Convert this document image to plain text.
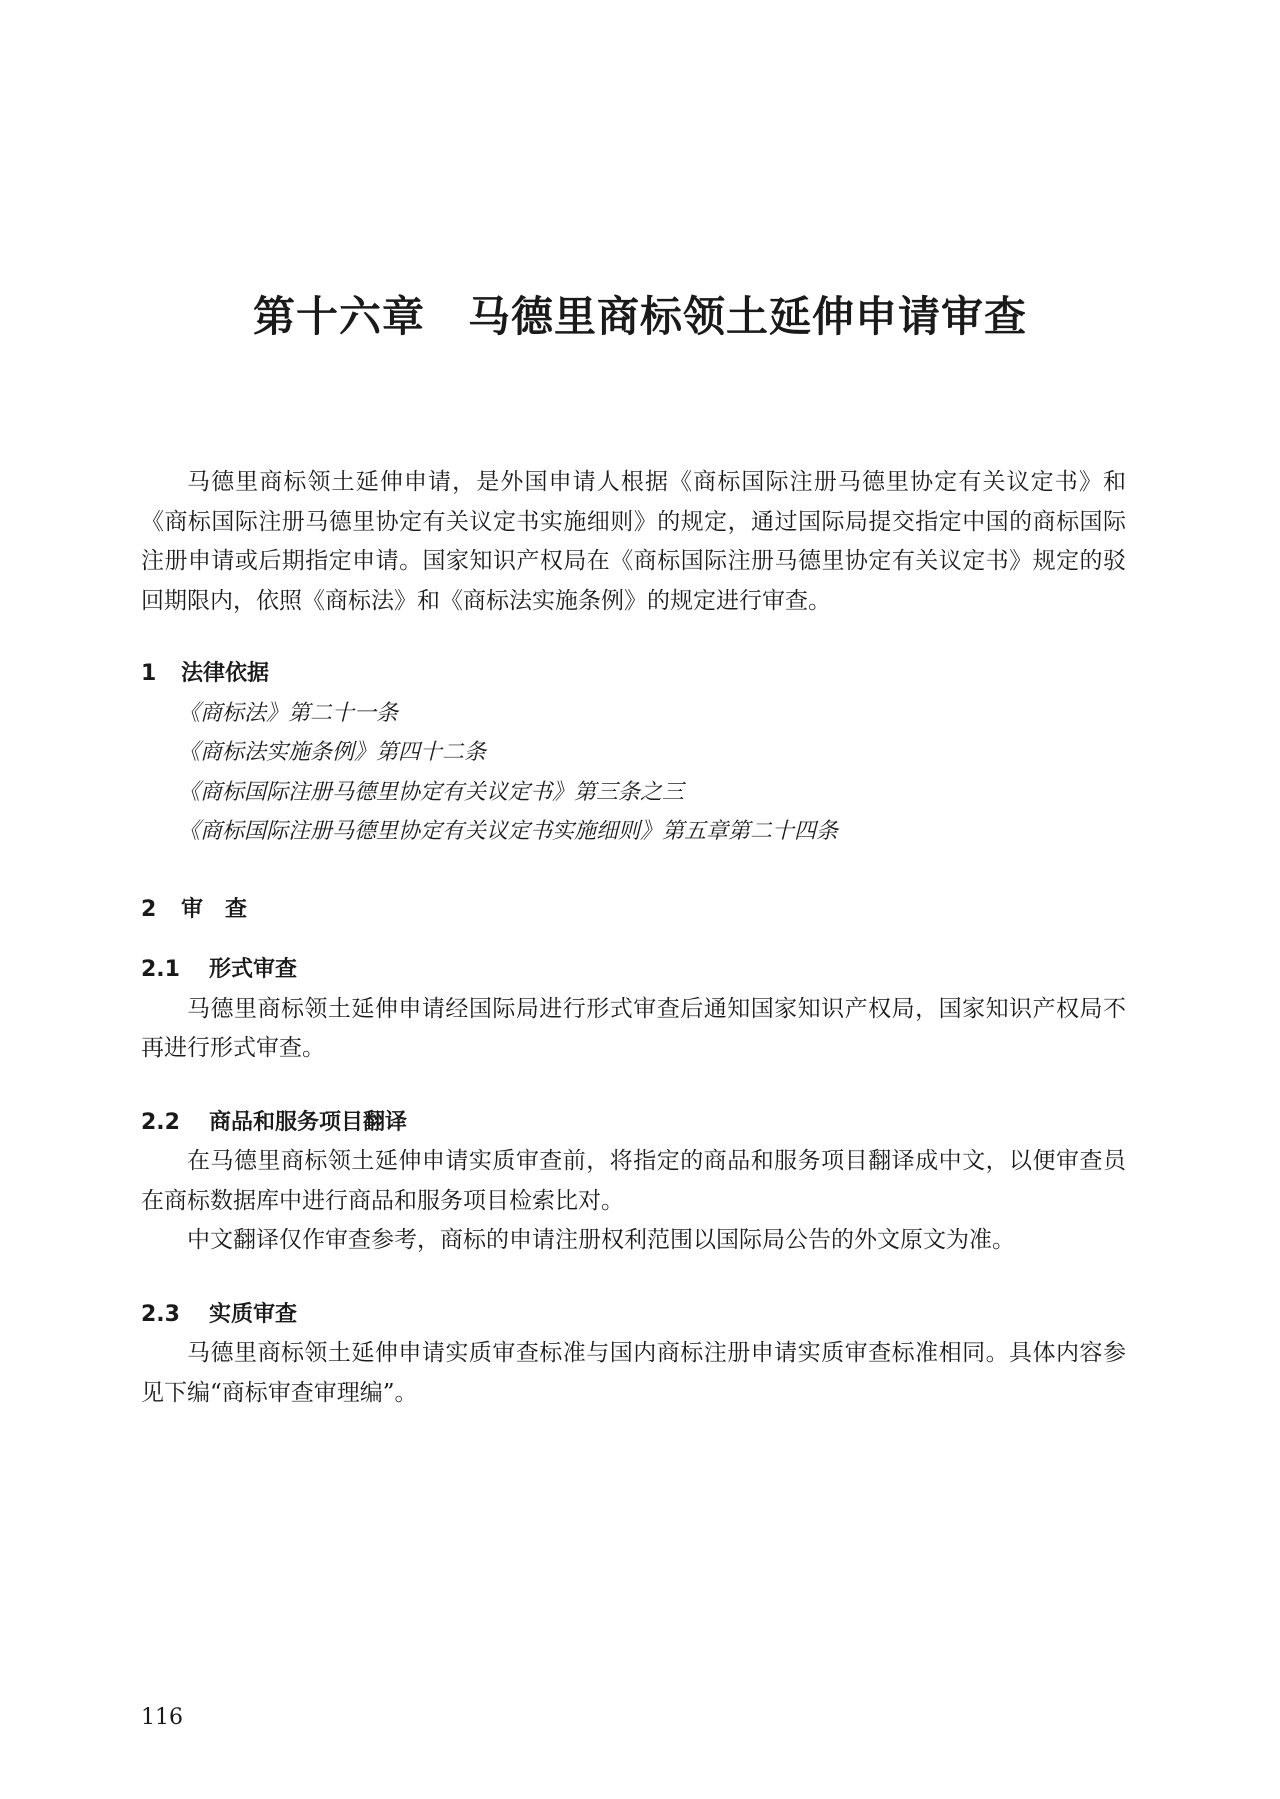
第十六章　马德里商标领土延伸申请审查

马德里商标领土延伸申请，是外国申请人根据《商标国际注册马德里协定有关议定书》和《商标国际注册马德里协定有关议定书实施细则》的规定，通过国际局提交指定中国的商标国际注册申请或后期指定申请。国家知识产权局在《商标国际注册马德里协定有关议定书》规定的驳回期限内，依照《商标法》和《商标法实施条例》的规定进行审查。

1 法律依据

《商标法》第二十一条

《商标法实施条例》第四十二条

《商标国际注册马德里协定有关议定书》第三条之三

《商标国际注册马德里协定有关议定书实施细则》第五章第二十四条

2 审　查
2.1 形式审查

马德里商标领土延伸申请经国际局进行形式审查后通知国家知识产权局，国家知识产权局不再进行形式审查。

2.2 商品和服务项目翻译

在马德里商标领土延伸申请实质审查前，将指定的商品和服务项目翻译成中文，以便审查员在商标数据库中进行商品和服务项目检索比对。

中文翻译仅作审查参考，商标的申请注册权利范围以国际局公告的外文原文为准。

2.3 实质审查

马德里商标领土延伸申请实质审查标准与国内商标注册申请实质审查标准相同。具体内容参见下编“商标审查审理编”。

116
